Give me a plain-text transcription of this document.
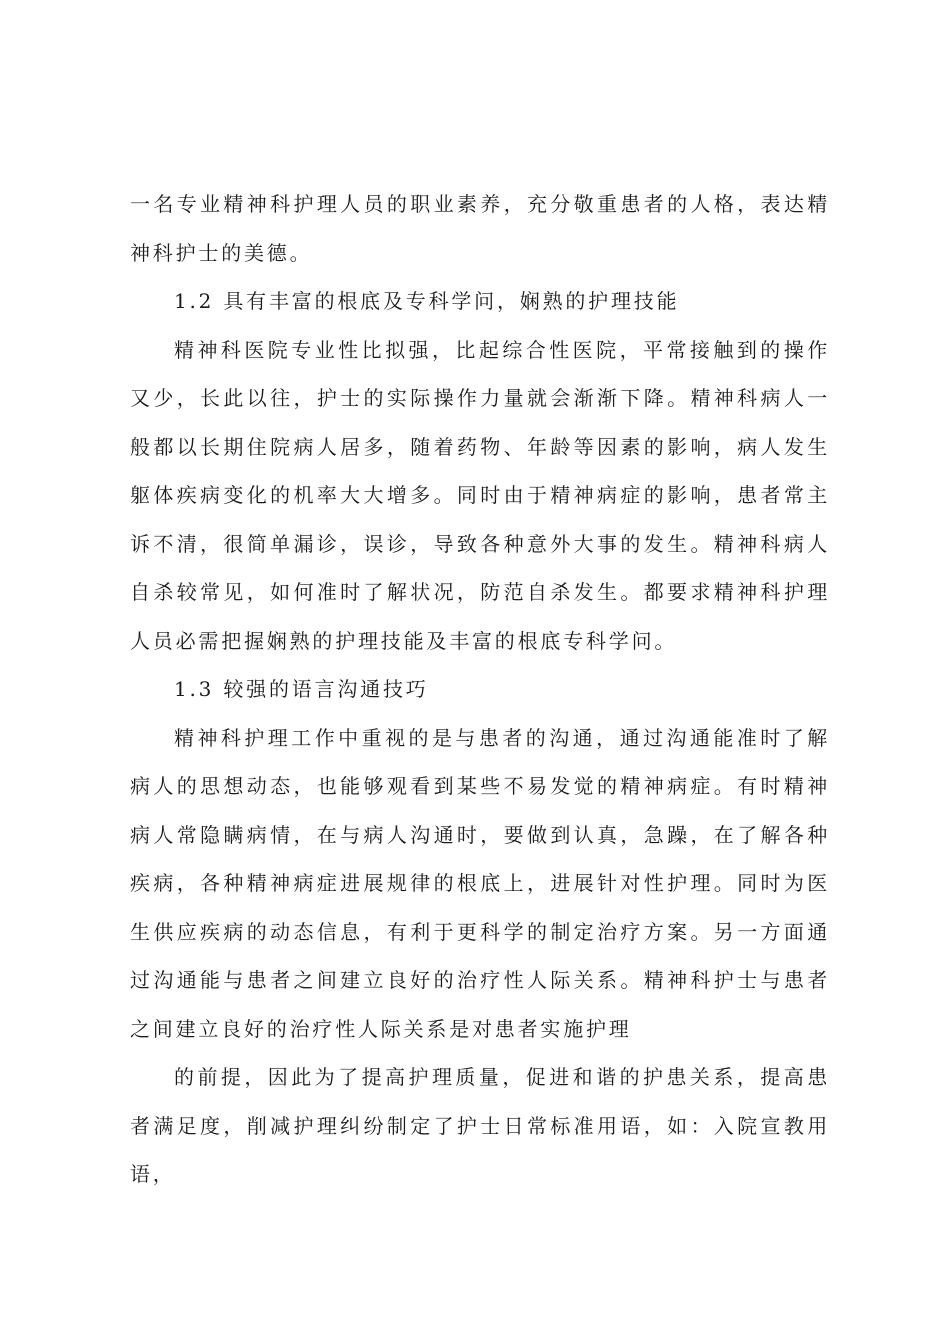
一名专业精神科护理人员的职业素养，充分敬重患者的人格，表达精神科护士的美德。

1.2 具有丰富的根底及专科学问，娴熟的护理技能

精神科医院专业性比拟强，比起综合性医院，平常接触到的操作又少，长此以往，护士的实际操作力量就会渐渐下降。精神科病人一般都以长期住院病人居多，随着药物、年龄等因素的影响，病人发生躯体疾病变化的机率大大增多。同时由于精神病症的影响，患者常主诉不清，很简单漏诊，误诊，导致各种意外大事的发生。精神科病人自杀较常见，如何准时了解状况，防范自杀发生。都要求精神科护理人员必需把握娴熟的护理技能及丰富的根底专科学问。

1.3 较强的语言沟通技巧

精神科护理工作中重视的是与患者的沟通，通过沟通能准时了解病人的思想动态，也能够观看到某些不易发觉的精神病症。有时精神病人常隐瞒病情，在与病人沟通时，要做到认真，急躁，在了解各种疾病，各种精神病症进展规律的根底上，进展针对性护理。同时为医生供应疾病的动态信息，有利于更科学的制定治疗方案。另一方面通过沟通能与患者之间建立良好的治疗性人际关系。精神科护士与患者之间建立良好的治疗性人际关系是对患者实施护理

的前提，因此为了提高护理质量，促进和谐的护患关系，提高患者满足度，削减护理纠纷制定了护士日常标准用语，如：入院宣教用语，
